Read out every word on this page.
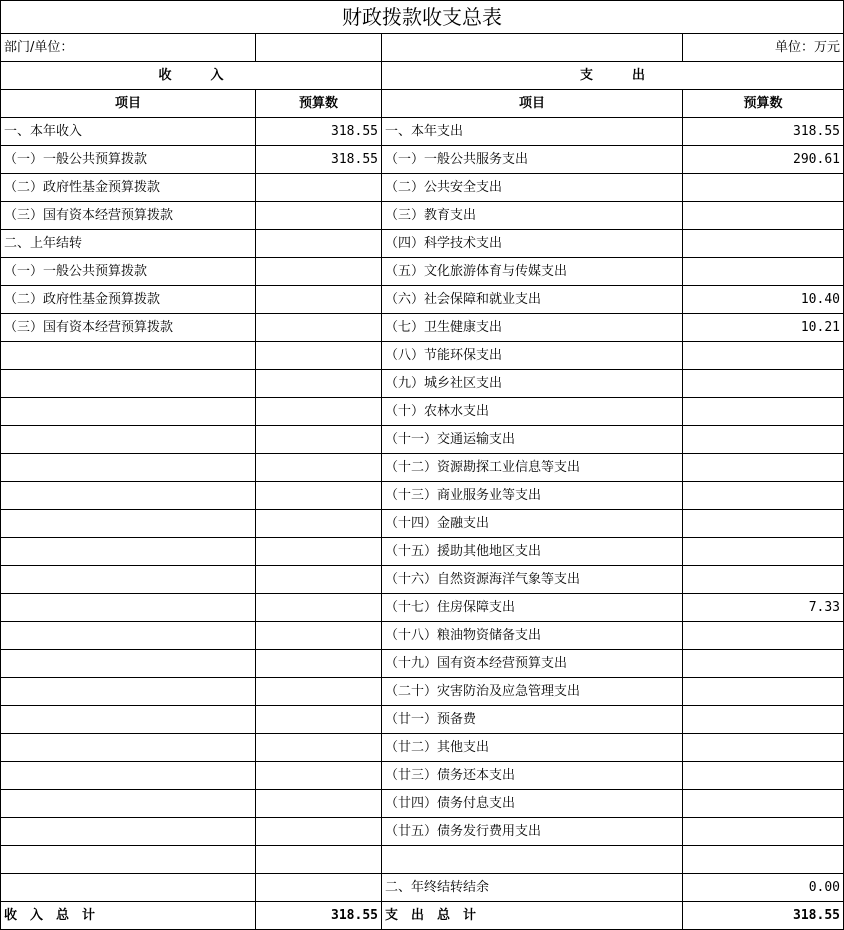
财政拨款收支总表			
部门/单位：			单位：万元
收　　　入		支　　　出	
项目	预算数	项目	预算数
一、本年收入	318.55	一、本年支出	318.55
（一）一般公共预算拨款	318.55	（一）一般公共服务支出	290.61
（二）政府性基金预算拨款		（二）公共安全支出	
（三）国有资本经营预算拨款		（三）教育支出	
二、上年结转		（四）科学技术支出	
（一）一般公共预算拨款		（五）文化旅游体育与传媒支出	
（二）政府性基金预算拨款		（六）社会保障和就业支出	10.40
（三）国有资本经营预算拨款		（七）卫生健康支出	10.21
		（八）节能环保支出	
		（九）城乡社区支出	
		（十）农林水支出	
		（十一）交通运输支出	
		（十二）资源勘探工业信息等支出	
		（十三）商业服务业等支出	
		（十四）金融支出	
		（十五）援助其他地区支出	
		（十六）自然资源海洋气象等支出	
		（十七）住房保障支出	7.33
		（十八）粮油物资储备支出	
		（十九）国有资本经营预算支出	
		（二十）灾害防治及应急管理支出	
		（廿一）预备费	
		（廿二）其他支出	
		（廿三）债务还本支出	
		（廿四）债务付息支出	
		（廿五）债务发行费用支出	

		二、年终结转结余	0.00
收　入　总　计	318.55	支　出　总　计	318.55
